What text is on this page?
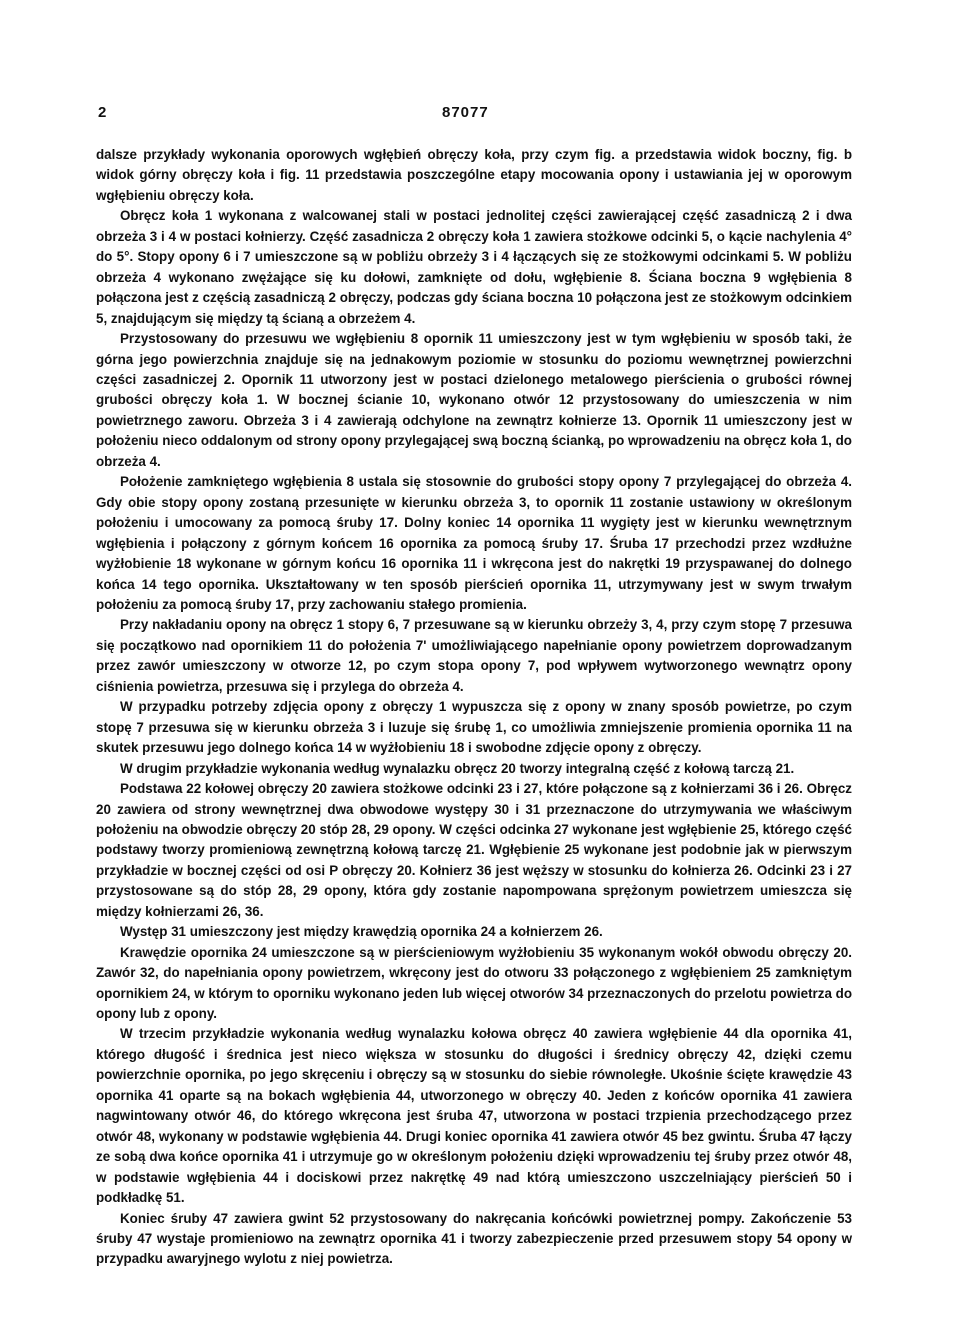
2	87077

dalsze przykłady wykonania oporowych wgłębień obręczy koła, przy czym fig. a przedstawia widok boczny, fig. b widok górny obręczy koła i fig. 11 przedstawia poszczególne etapy mocowania opony i ustawiania jej w oporowym wgłębieniu obręczy koła.

Obręcz koła 1 wykonana z walcowanej stali w postaci jednolitej części zawierającej część zasadniczą 2 i dwa obrzeża 3 i 4 w postaci kołnierzy. Część zasadnicza 2 obręczy koła 1 zawiera stożkowe odcinki 5, o kącie nachylenia 4° do 5°. Stopy opony 6 i 7 umieszczone są w pobliżu obrzeży 3 i 4 łączących się ze stożkowymi odcinkami 5. W pobliżu obrzeża 4 wykonano zwężające się ku dołowi, zamknięte od dołu, wgłębienie 8. Ściana boczna 9 wgłębienia 8 połączona jest z częścią zasadniczą 2 obręczy, podczas gdy ściana boczna 10 połączona jest ze stożkowym odcinkiem 5, znajdującym się między tą ścianą a obrzeżem 4.

Przystosowany do przesuwu we wgłębieniu 8 opornik 11 umieszczony jest w tym wgłębieniu w sposób taki, że górna jego powierzchnia znajduje się na jednakowym poziomie w stosunku do poziomu wewnętrznej powierzchni części zasadniczej 2. Opornik 11 utworzony jest w postaci dzielonego metalowego pierścienia o grubości równej grubości obręczy koła 1. W bocznej ścianie 10, wykonano otwór 12 przystosowany do umieszczenia w nim powietrznego zaworu. Obrzeża 3 i 4 zawierają odchylone na zewnątrz kołnierze 13. Opornik 11 umieszczony jest w położeniu nieco oddalonym od strony opony przylegającej swą boczną ścianką, po wprowadzeniu na obręcz koła 1, do obrzeża 4.

Położenie zamkniętego wgłębienia 8 ustala się stosownie do grubości stopy opony 7 przylegającej do obrzeża 4. Gdy obie stopy opony zostaną przesunięte w kierunku obrzeża 3, to opornik 11 zostanie ustawiony w określonym położeniu i umocowany za pomocą śruby 17. Dolny koniec 14 opornika 11 wygięty jest w kierunku wewnętrznym wgłębienia i połączony z górnym końcem 16 opornika za pomocą śruby 17. Śruba 17 przechodzi przez wzdłużne wyżłobienie 18 wykonane w górnym końcu 16 opornika 11 i wkręcona jest do nakrętki 19 przyspawanej do dolnego końca 14 tego opornika. Ukształtowany w ten sposób pierścień opornika 11, utrzymywany jest w swym trwałym położeniu za pomocą śruby 17, przy zachowaniu stałego promienia.

Przy nakładaniu opony na obręcz 1 stopy 6, 7 przesuwane są w kierunku obrzeży 3, 4, przy czym stopę 7 przesuwa się początkowo nad opornikiem 11 do położenia 7' umożliwiającego napełnianie opony powietrzem doprowadzanym przez zawór umieszczony w otworze 12, po czym stopa opony 7, pod wpływem wytworzonego wewnątrz opony ciśnienia powietrza, przesuwa się i przylega do obrzeża 4.

W przypadku potrzeby zdjęcia opony z obręczy 1 wypuszcza się z opony w znany sposób powietrze, po czym stopę 7 przesuwa się w kierunku obrzeża 3 i luzuje się śrubę 1, co umożliwia zmniejszenie promienia opornika 11 na skutek przesuwu jego dolnego końca 14 w wyżłobieniu 18 i swobodne zdjęcie opony z obręczy.

W drugim przykładzie wykonania według wynalazku obręcz 20 tworzy integralną część z kołową tarczą 21.

Podstawa 22 kołowej obręczy 20 zawiera stożkowe odcinki 23 i 27, które połączone są z kołnierzami 36 i 26. Obręcz 20 zawiera od strony wewnętrznej dwa obwodowe występy 30 i 31 przeznaczone do utrzymywania we właściwym położeniu na obwodzie obręczy 20 stóp 28, 29 opony. W części odcinka 27 wykonane jest wgłębienie 25, którego część podstawy tworzy promieniową zewnętrzną kołową tarczę 21. Wgłębienie 25 wykonane jest podobnie jak w pierwszym przykładzie w bocznej części od osi P obręczy 20. Kołnierz 36 jest węższy w stosunku do kołnierza 26. Odcinki 23 i 27 przystosowane są do stóp 28, 29 opony, która gdy zostanie napompowana sprężonym powietrzem umieszcza się między kołnierzami 26, 36.

Występ 31 umieszczony jest między krawędzią opornika 24 a kołnierzem 26.

Krawędzie opornika 24 umieszczone są w pierścieniowym wyżłobieniu 35 wykonanym wokół obwodu obręczy 20. Zawór 32, do napełniania opony powietrzem, wkręcony jest do otworu 33 połączonego z wgłębieniem 25 zamkniętym opornikiem 24, w którym to oporniku wykonano jeden lub więcej otworów 34 przeznaczonych do przelotu powietrza do opony lub z opony.

W trzecim przykładzie wykonania według wynalazku kołowa obręcz 40 zawiera wgłębienie 44 dla opornika 41, którego długość i średnica jest nieco większa w stosunku do długości i średnicy obręczy 42, dzięki czemu powierzchnie opornika, po jego skręceniu i obręczy są w stosunku do siebie równoległe. Ukośnie ścięte krawędzie 43 opornika 41 oparte są na bokach wgłębienia 44, utworzonego w obręczy 40. Jeden z końców opornika 41 zawiera nagwintowany otwór 46, do którego wkręcona jest śruba 47, utworzona w postaci trzpienia przechodzącego przez otwór 48, wykonany w podstawie wgłębienia 44. Drugi koniec opornika 41 zawiera otwór 45 bez gwintu. Śruba 47 łączy ze sobą dwa końce opornika 41 i utrzymuje go w określonym położeniu dzięki wprowadzeniu tej śruby przez otwór 48, w podstawie wgłębienia 44 i dociskowi przez nakrętkę 49 nad którą umieszczono uszczelniający pierścień 50 i podkładkę 51.

Koniec śruby 47 zawiera gwint 52 przystosowany do nakręcania końcówki powietrznej pompy. Zakończenie 53 śruby 47 wystaje promieniowo na zewnątrz opornika 41 i tworzy zabezpieczenie przed przesuwem stopy 54 opony w przypadku awaryjnego wylotu z niej powietrza.
